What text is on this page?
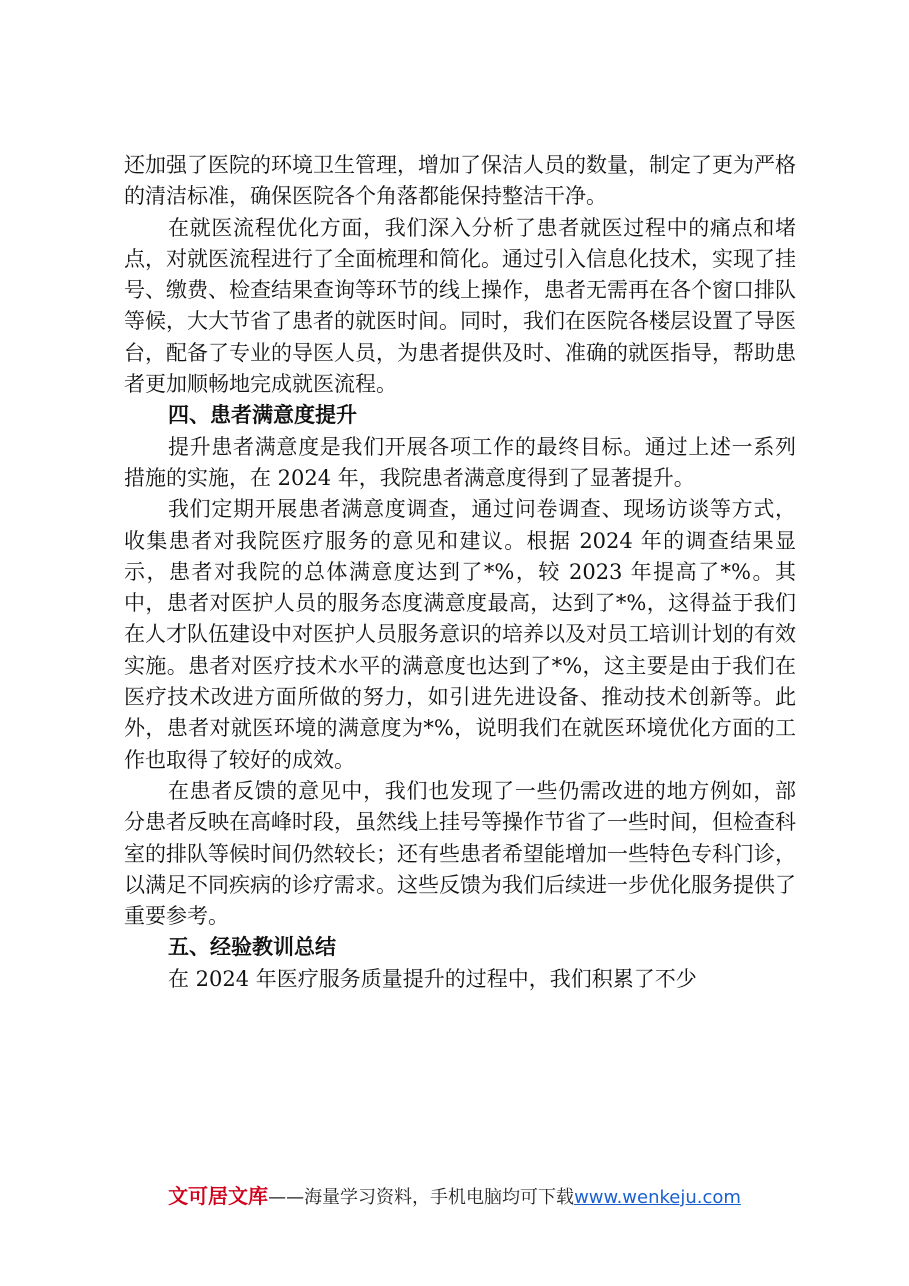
还加强了医院的环境卫生管理，增加了保洁人员的数量，制定了更为严格的清洁标准，确保医院各个角落都能保持整洁干净。

在就医流程优化方面，我们深入分析了患者就医过程中的痛点和堵点，对就医流程进行了全面梳理和简化。通过引入信息化技术，实现了挂号、缴费、检查结果查询等环节的线上操作，患者无需再在各个窗口排队等候，大大节省了患者的就医时间。同时，我们在医院各楼层设置了导医台，配备了专业的导医人员，为患者提供及时、准确的就医指导，帮助患者更加顺畅地完成就医流程。

四、患者满意度提升

提升患者满意度是我们开展各项工作的最终目标。通过上述一系列措施的实施，在 2024 年，我院患者满意度得到了显著提升。

我们定期开展患者满意度调查，通过问卷调查、现场访谈等方式，收集患者对我院医疗服务的意见和建议。根据 2024 年的调查结果显示，患者对我院的总体满意度达到了*%，较 2023 年提高了*%。其中，患者对医护人员的服务态度满意度最高，达到了*%，这得益于我们在人才队伍建设中对医护人员服务意识的培养以及对员工培训计划的有效实施。患者对医疗技术水平的满意度也达到了*%，这主要是由于我们在医疗技术改进方面所做的努力，如引进先进设备、推动技术创新等。此外，患者对就医环境的满意度为*%，说明我们在就医环境优化方面的工作也取得了较好的成效。

在患者反馈的意见中，我们也发现了一些仍需改进的地方例如，部分患者反映在高峰时段，虽然线上挂号等操作节省了一些时间，但检查科室的排队等候时间仍然较长；还有些患者希望能增加一些特色专科门诊，以满足不同疾病的诊疗需求。这些反馈为我们后续进一步优化服务提供了重要参考。

五、经验教训总结

在 2024 年医疗服务质量提升的过程中，我们积累了不少

文可居文库——海量学习资料，手机电脑均可下载www.wenkeju.com
